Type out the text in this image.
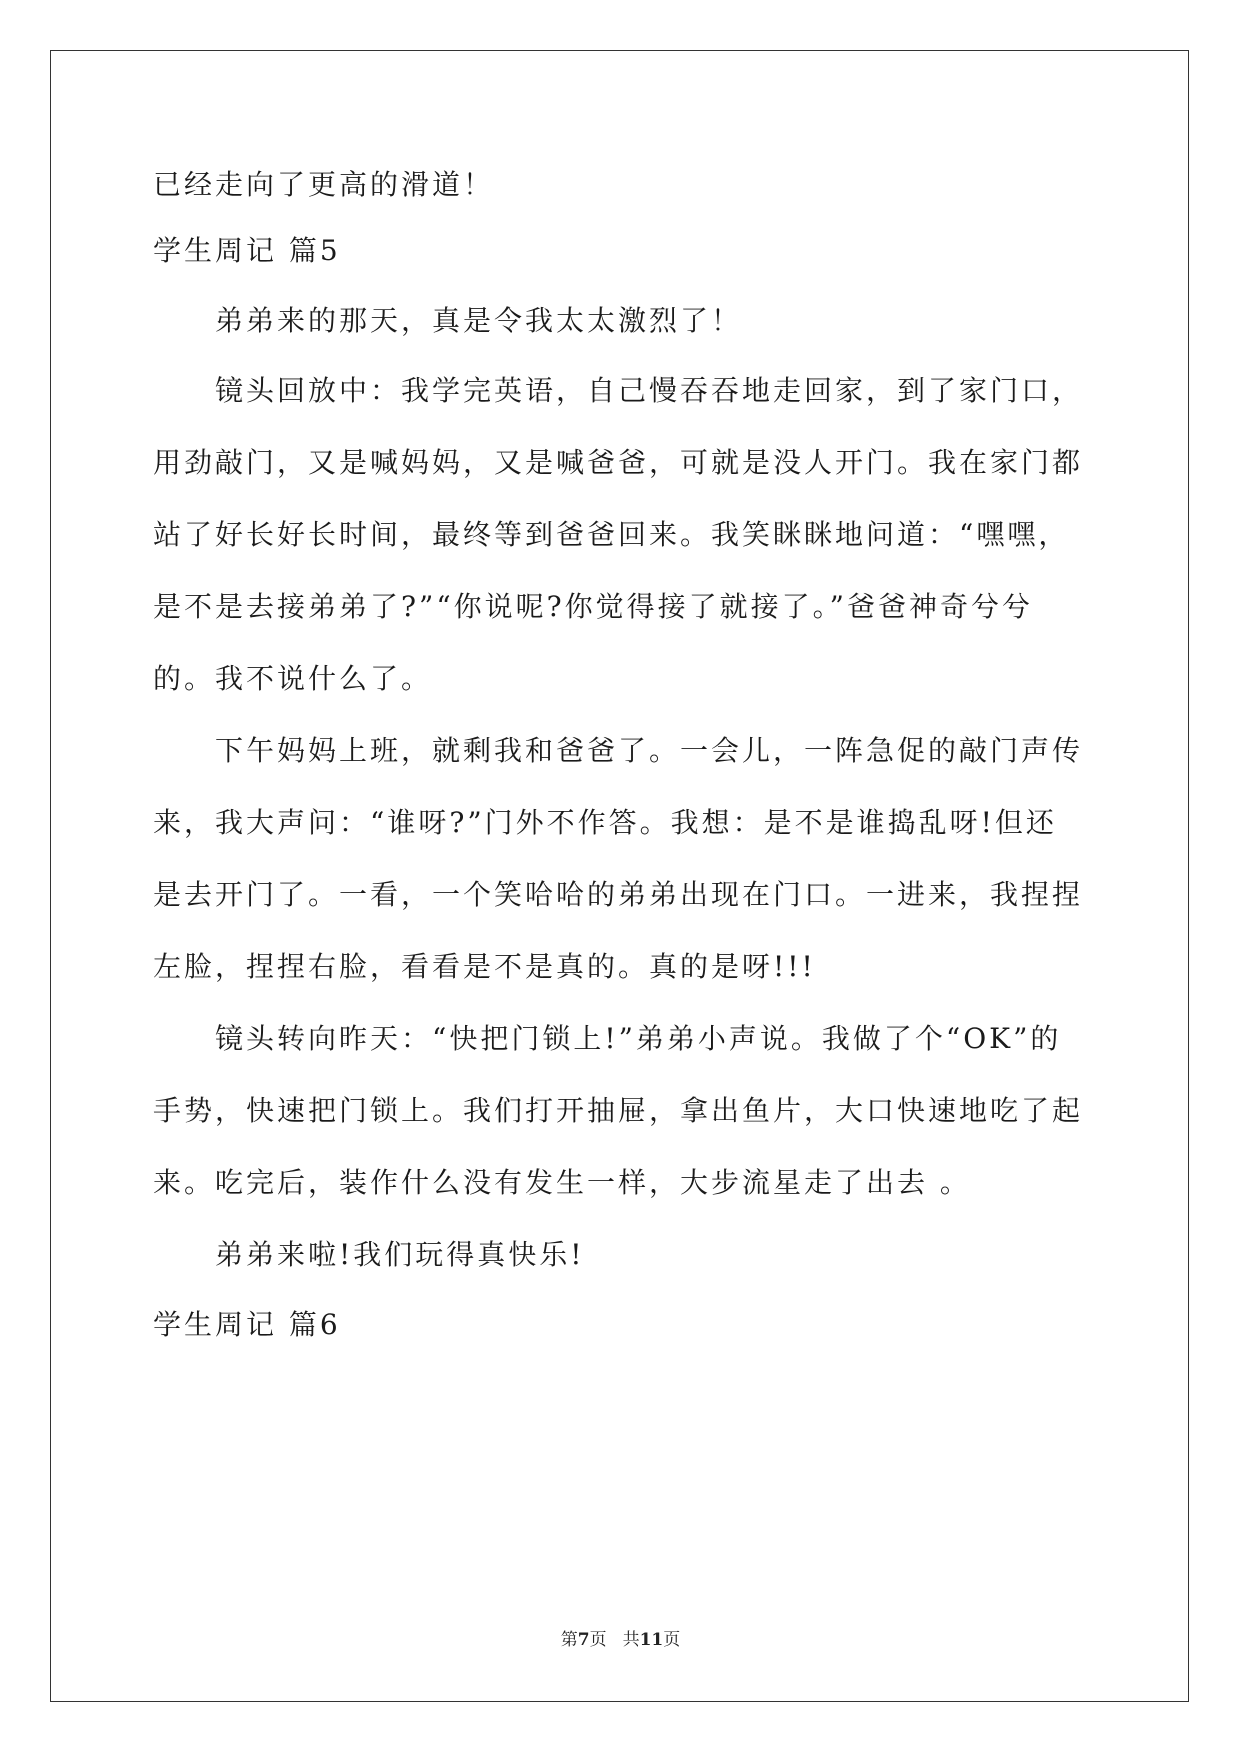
已经走向了更高的滑道！
学生周记 篇5
弟弟来的那天，真是令我太太激烈了！
镜头回放中：我学完英语，自己慢吞吞地走回家，到了家门口，
用劲敲门，又是喊妈妈，又是喊爸爸，可就是没人开门。我在家门都
站了好长好长时间，最终等到爸爸回来。我笑眯眯地问道：“嘿嘿，
是不是去接弟弟了?”“你说呢?你觉得接了就接了。”爸爸神奇兮兮
的。我不说什么了。
下午妈妈上班，就剩我和爸爸了。一会儿，一阵急促的敲门声传
来，我大声问：“谁呀?”门外不作答。我想：是不是谁捣乱呀!但还
是去开门了。一看，一个笑哈哈的弟弟出现在门口。一进来，我捏捏
左脸，捏捏右脸，看看是不是真的。真的是呀!!!
镜头转向昨天：“快把门锁上!”弟弟小声说。我做了个“OK”的
手势，快速把门锁上。我们打开抽屉，拿出鱼片，大口快速地吃了起
来。吃完后，装作什么没有发生一样，大步流星走了出去 。
弟弟来啦!我们玩得真快乐!
学生周记 篇6
第7页 共11页
